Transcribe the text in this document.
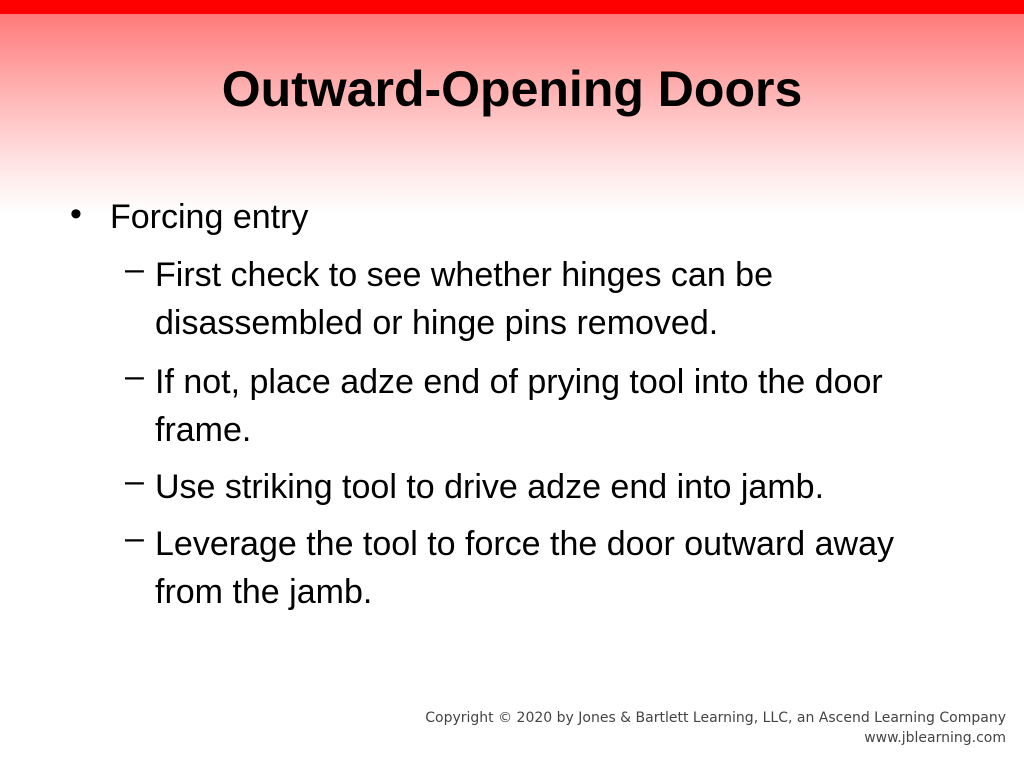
Outward-Opening Doors
• Forcing entry
– First check to see whether hinges can be disassembled or hinge pins removed.
– If not, place adze end of prying tool into the door frame.
– Use striking tool to drive adze end into jamb.
– Leverage the tool to force the door outward away from the jamb.
Copyright © 2020 by Jones & Bartlett Learning, LLC, an Ascend Learning Company
www.jblearning.com
